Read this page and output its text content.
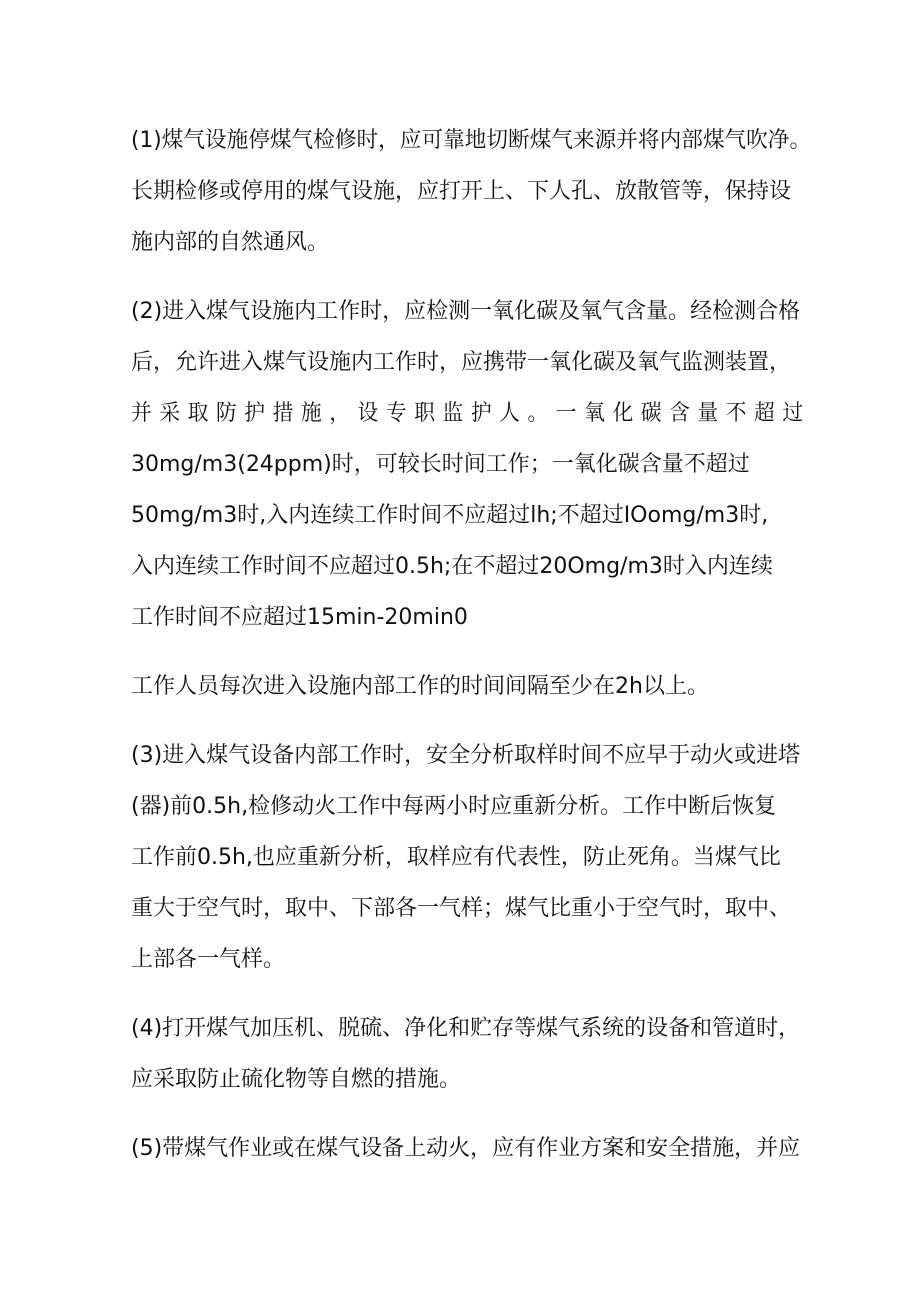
(1)煤气设施停煤气检修时，应可靠地切断煤气来源并将内部煤气吹净。

长期检修或停用的煤气设施，应打开上、下人孔、放散管等，保持设
施内部的自然通风。
(2)进入煤气设施内工作时，应检测一氧化碳及氧气含量。经检测合格
后，允许进入煤气设施内工作时，应携带一氧化碳及氧气监测装置，
并采取防护措施，设专职监护人。一氧化碳含量不超过

30mg/m3(24ppm)时，可较长时间工作；一氧化碳含量不超过
50mg/m3时,入内连续工作时间不应超过lh;不超过IOomg/m3时,
入内连续工作时间不应超过0.5h;在不超过20Omg/m3时入内连续
工作时间不应超过15min-20min0
工作人员每次进入设施内部工作的时间间隔至少在2h以上。
(3)进入煤气设备内部工作时，安全分析取样时间不应早于动火或进塔
(器)前0.5h,检修动火工作中每两小时应重新分析。工作中断后恢复
工作前0.5h,也应重新分析，取样应有代表性，防止死角。当煤气比
重大于空气时，取中、下部各一气样；煤气比重小于空气时，取中、
上部各一气样。
(4)打开煤气加压机、脱硫、净化和贮存等煤气系统的设备和管道时，
应采取防止硫化物等自燃的措施。
(5)带煤气作业或在煤气设备上动火，应有作业方案和安全措施，并应
